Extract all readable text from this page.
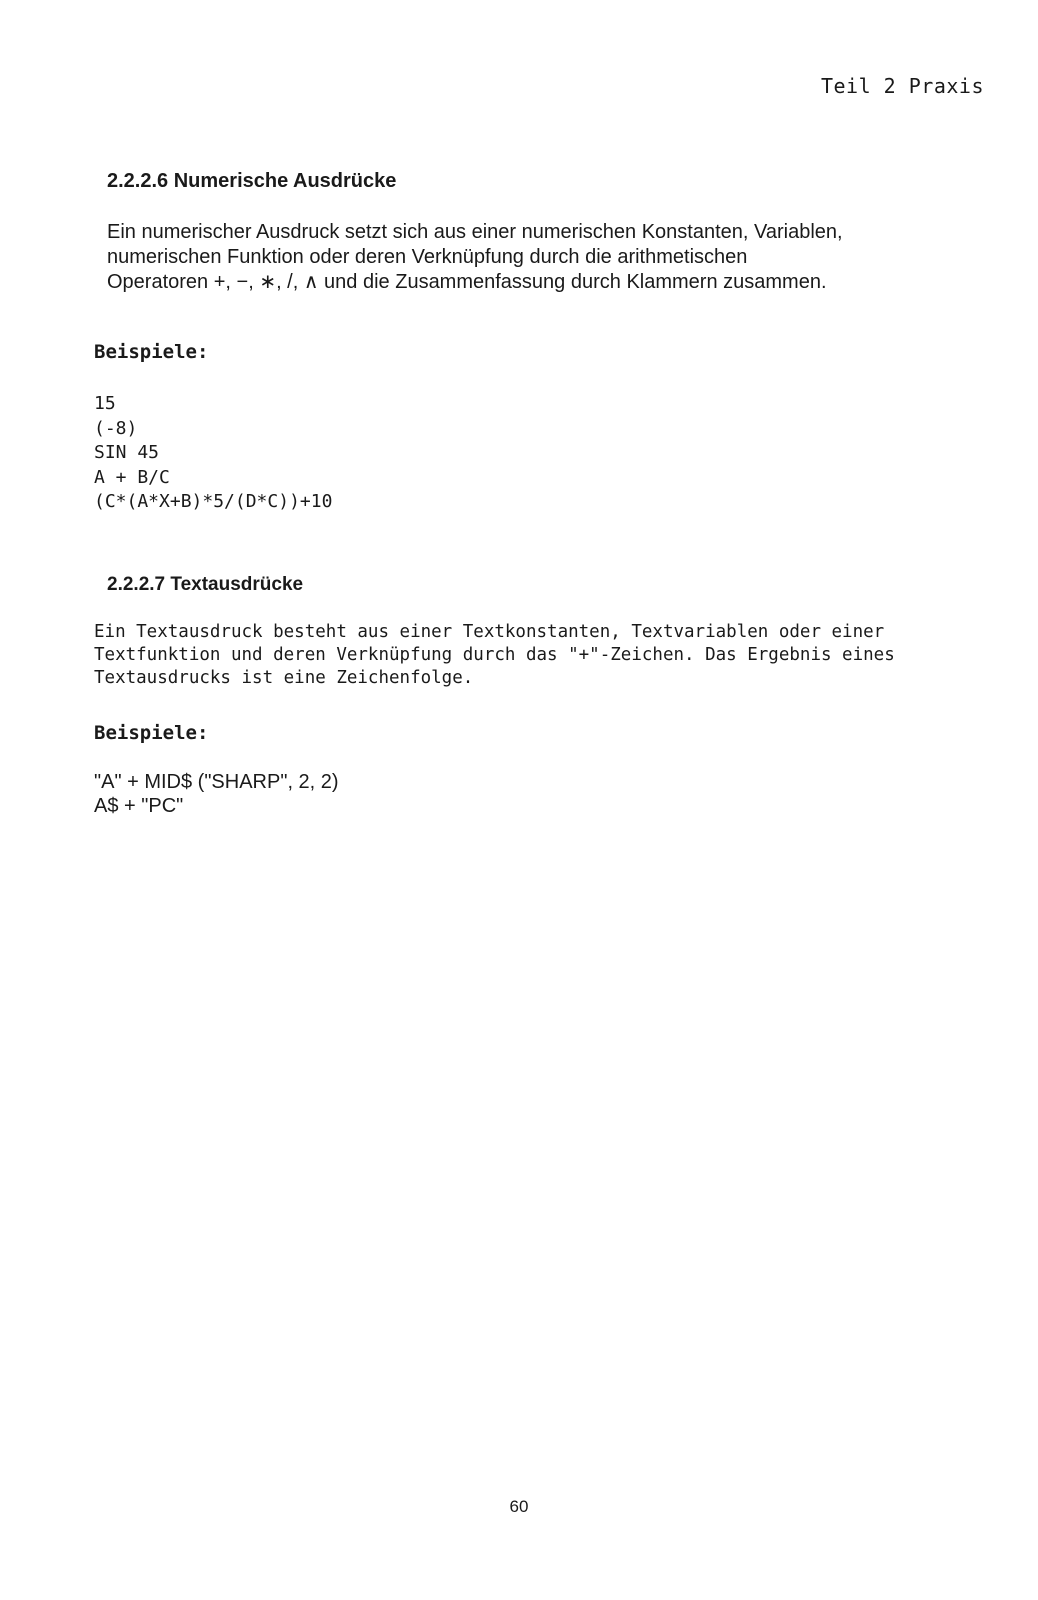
Teil 2 Praxis
2.2.2.6 Numerische Ausdrücke

Ein numerischer Ausdruck setzt sich aus einer numerischen Konstanten, Variablen,
numerischen Funktion oder deren Verknüpfung durch die arithmetischen
Operatoren +, −, ∗, /, ∧ und die Zusammenfassung durch Klammern zusammen.

Beispiele:
15
(-8)
SIN 45
A + B/C
(C*(A*X+B)*5/(D*C))+10
2.2.2.7 Textausdrücke

Ein Textausdruck besteht aus einer Textkonstanten, Textvariablen oder einer
Textfunktion und deren Verknüpfung durch das "+"-Zeichen. Das Ergebnis eines
Textausdrucks ist eine Zeichenfolge.

Beispiele:
"A" + MID$ ("SHARP", 2, 2)
A$ + "PC"
60
